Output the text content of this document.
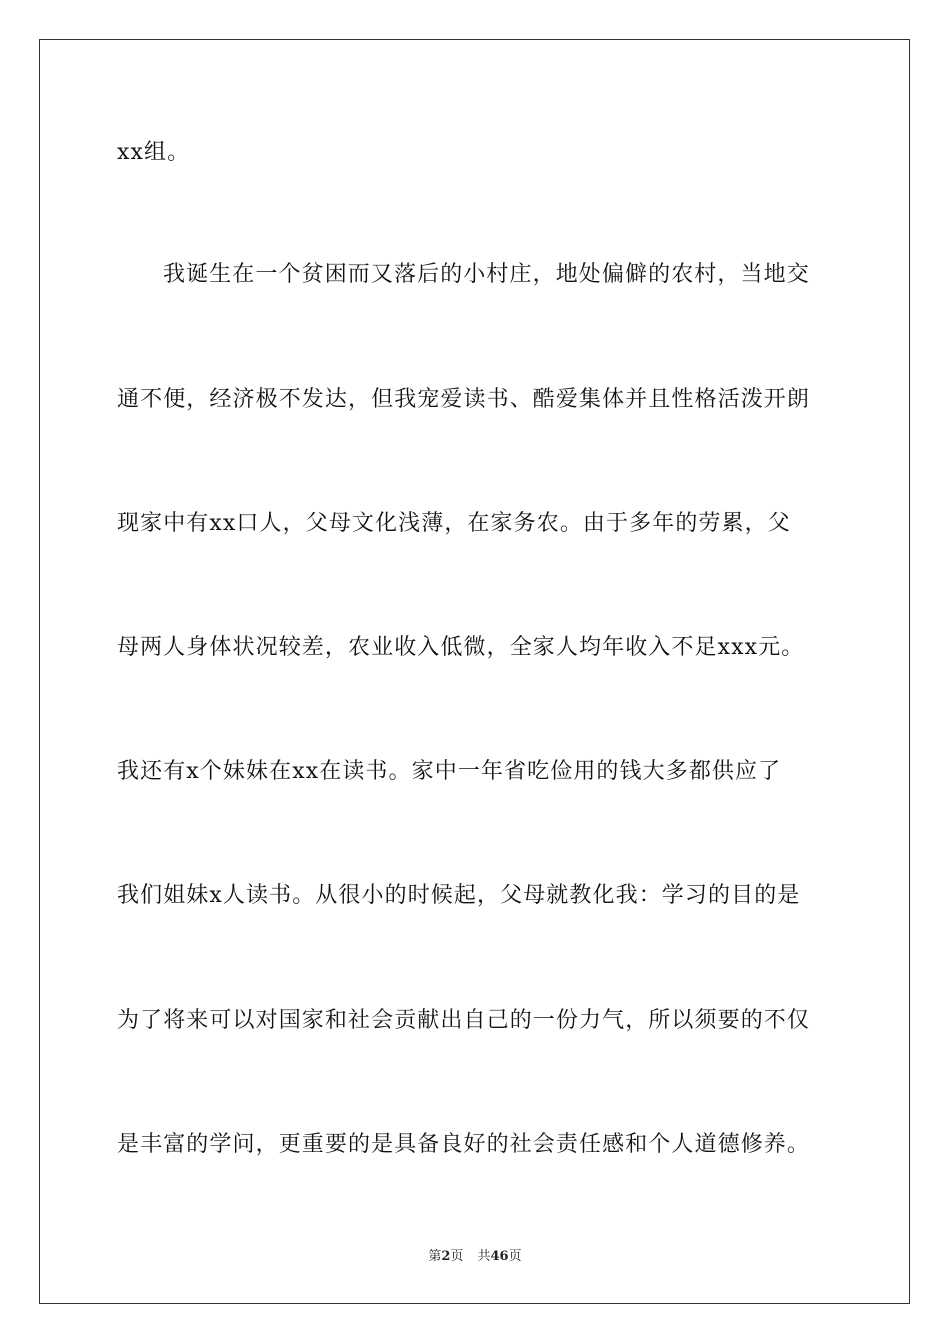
xx组。
我诞生在一个贫困而又落后的小村庄，地处偏僻的农村，当地交
通不便，经济极不发达，但我宠爱读书、酷爱集体并且性格活泼开朗
现家中有xx口人，父母文化浅薄，在家务农。由于多年的劳累，父
母两人身体状况较差，农业收入低微，全家人均年收入不足xxx元。
我还有x个妹妹在xx在读书。家中一年省吃俭用的钱大多都供应了
我们姐妹x人读书。从很小的时候起，父母就教化我：学习的目的是
为了将来可以对国家和社会贡献出自己的一份力气，所以须要的不仅
是丰富的学问，更重要的是具备良好的社会责任感和个人道德修养。
第2页 共46页
